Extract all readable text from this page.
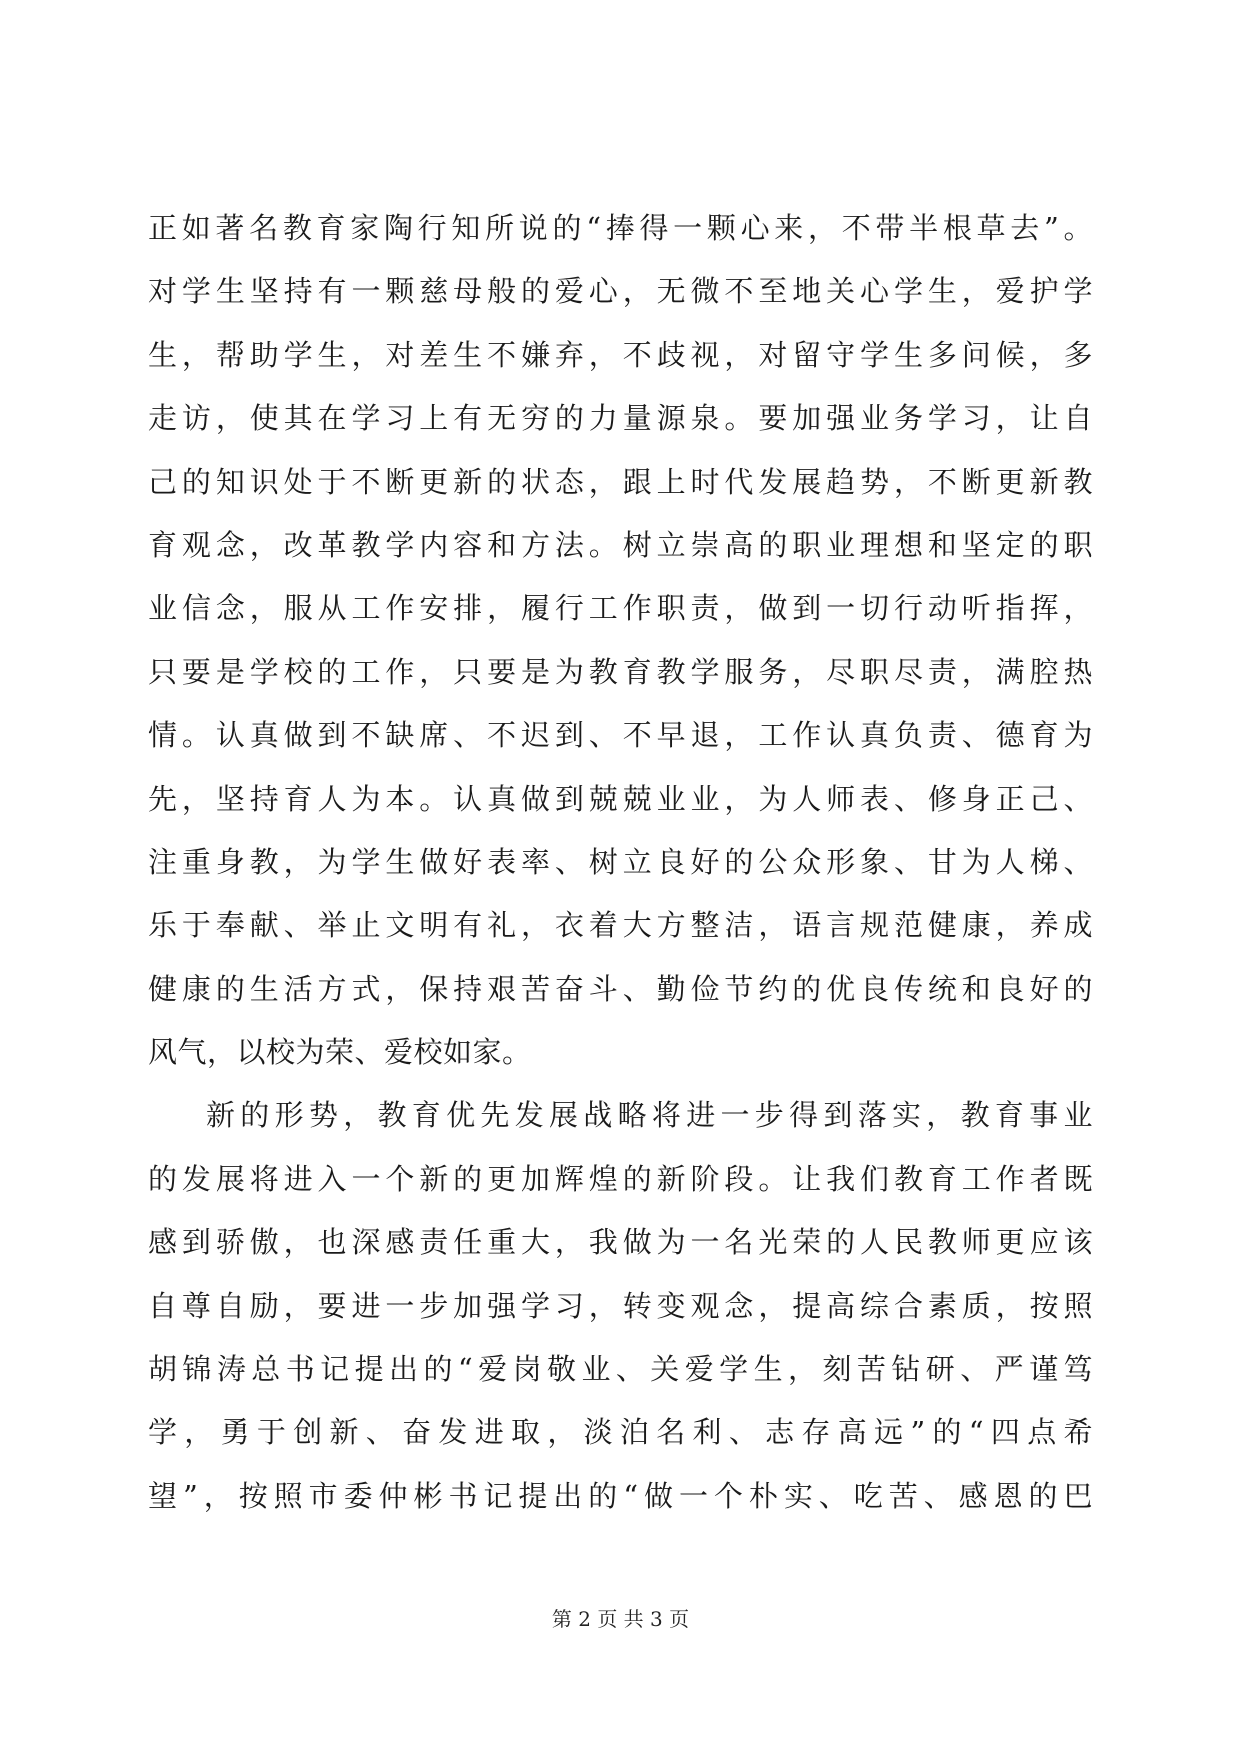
正如著名教育家陶行知所说的“捧得一颗心来，不带半根草去”。
对学生坚持有一颗慈母般的爱心，无微不至地关心学生，爱护学
生，帮助学生，对差生不嫌弃，不歧视，对留守学生多问候，多
走访，使其在学习上有无穷的力量源泉。要加强业务学习，让自
己的知识处于不断更新的状态，跟上时代发展趋势，不断更新教
育观念，改革教学内容和方法。树立崇高的职业理想和坚定的职
业信念，服从工作安排，履行工作职责，做到一切行动听指挥，
只要是学校的工作，只要是为教育教学服务，尽职尽责，满腔热
情。认真做到不缺席、不迟到、不早退，工作认真负责、德育为
先，坚持育人为本。认真做到兢兢业业，为人师表、修身正己、
注重身教，为学生做好表率、树立良好的公众形象、甘为人梯、
乐于奉献、举止文明有礼，衣着大方整洁，语言规范健康，养成
健康的生活方式，保持艰苦奋斗、勤俭节约的优良传统和良好的
风气，以校为荣、爱校如家。
新的形势，教育优先发展战略将进一步得到落实，教育事业
的发展将进入一个新的更加辉煌的新阶段。让我们教育工作者既
感到骄傲，也深感责任重大，我做为一名光荣的人民教师更应该
自尊自励，要进一步加强学习，转变观念，提高综合素质，按照
胡锦涛总书记提出的“爱岗敬业、关爱学生，刻苦钻研、严谨笃
学，勇于创新、奋发进取，淡泊名利、志存高远”的“四点希
望”，按照市委仲彬书记提出的“做一个朴实、吃苦、感恩的巴
第 2 页 共 3 页
